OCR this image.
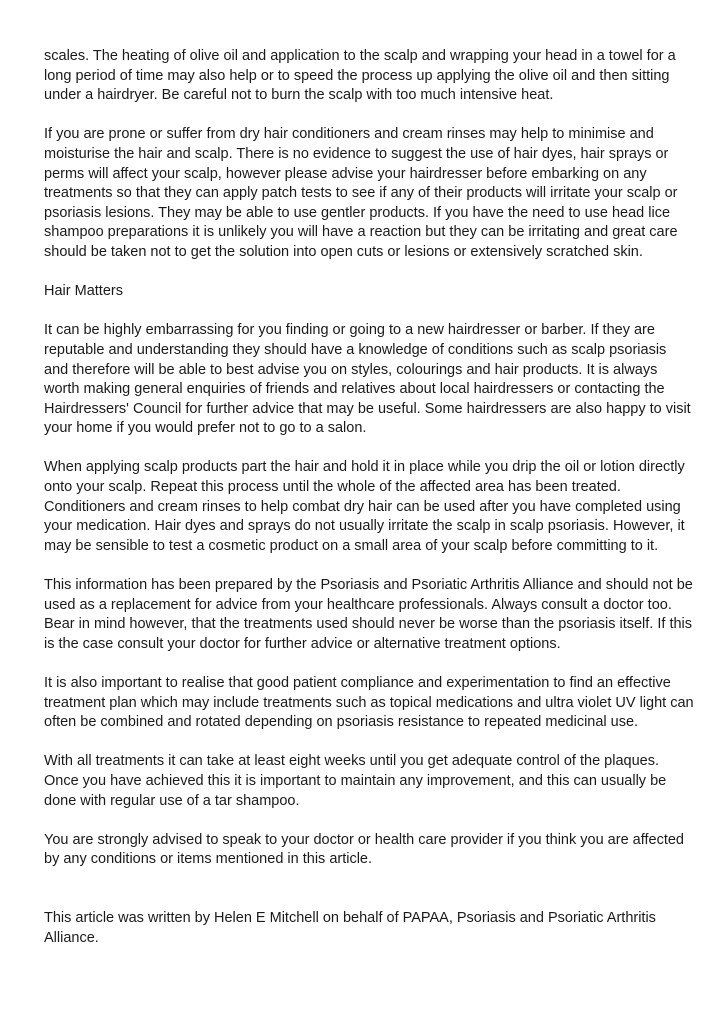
scales. The heating of olive oil and application to the scalp and wrapping your head in a towel for a long period of time may also help or to speed the process up applying the olive oil and then sitting under a hairdryer. Be careful not to burn the scalp with too much intensive heat.

If you are prone or suffer from dry hair conditioners and cream rinses may help to minimise and moisturise the hair and scalp. There is no evidence to suggest the use of hair dyes, hair sprays or perms will affect your scalp, however please advise your hairdresser before embarking on any treatments so that they can apply patch tests to see if any of their products will irritate your scalp or psoriasis lesions. They may be able to use gentler products. If you have the need to use head lice shampoo preparations it is unlikely you will have a reaction but they can be irritating and great care should be taken not to get the solution into open cuts or lesions or extensively scratched skin.

Hair Matters

It can be highly embarrassing for you finding or going to a new hairdresser or barber. If they are reputable and understanding they should have a knowledge of conditions such as scalp psoriasis and therefore will be able to best advise you on styles, colourings and hair products. It is always worth making general enquiries of friends and relatives about local hairdressers or contacting the Hairdressers' Council for further advice that may be useful. Some hairdressers are also happy to visit your home if you would prefer not to go to a salon.

When applying scalp products part the hair and hold it in place while you drip the oil or lotion directly onto your scalp. Repeat this process until the whole of the affected area has been treated. Conditioners and cream rinses to help combat dry hair can be used after you have completed using your medication. Hair dyes and sprays do not usually irritate the scalp in scalp psoriasis. However, it may be sensible to test a cosmetic product on a small area of your scalp before committing to it.

This information has been prepared by the Psoriasis and Psoriatic Arthritis Alliance and should not be used as a replacement for advice from your healthcare professionals. Always consult a doctor too. Bear in mind however, that the treatments used should never be worse than the psoriasis itself. If this is the case consult your doctor for further advice or alternative treatment options.

It is also important to realise that good patient compliance and experimentation to find an effective treatment plan which may include treatments such as topical medications and ultra violet UV light can often be combined and rotated depending on psoriasis resistance to repeated medicinal use.

With all treatments it can take at least eight weeks until you get adequate control of the plaques. Once you have achieved this it is important to maintain any improvement, and this can usually be done with regular use of a tar shampoo.

You are strongly advised to speak to your doctor or health care provider if you think you are affected by any conditions or items mentioned in this article.

This article was written by Helen E Mitchell on behalf of PAPAA, Psoriasis and Psoriatic Arthritis Alliance.
